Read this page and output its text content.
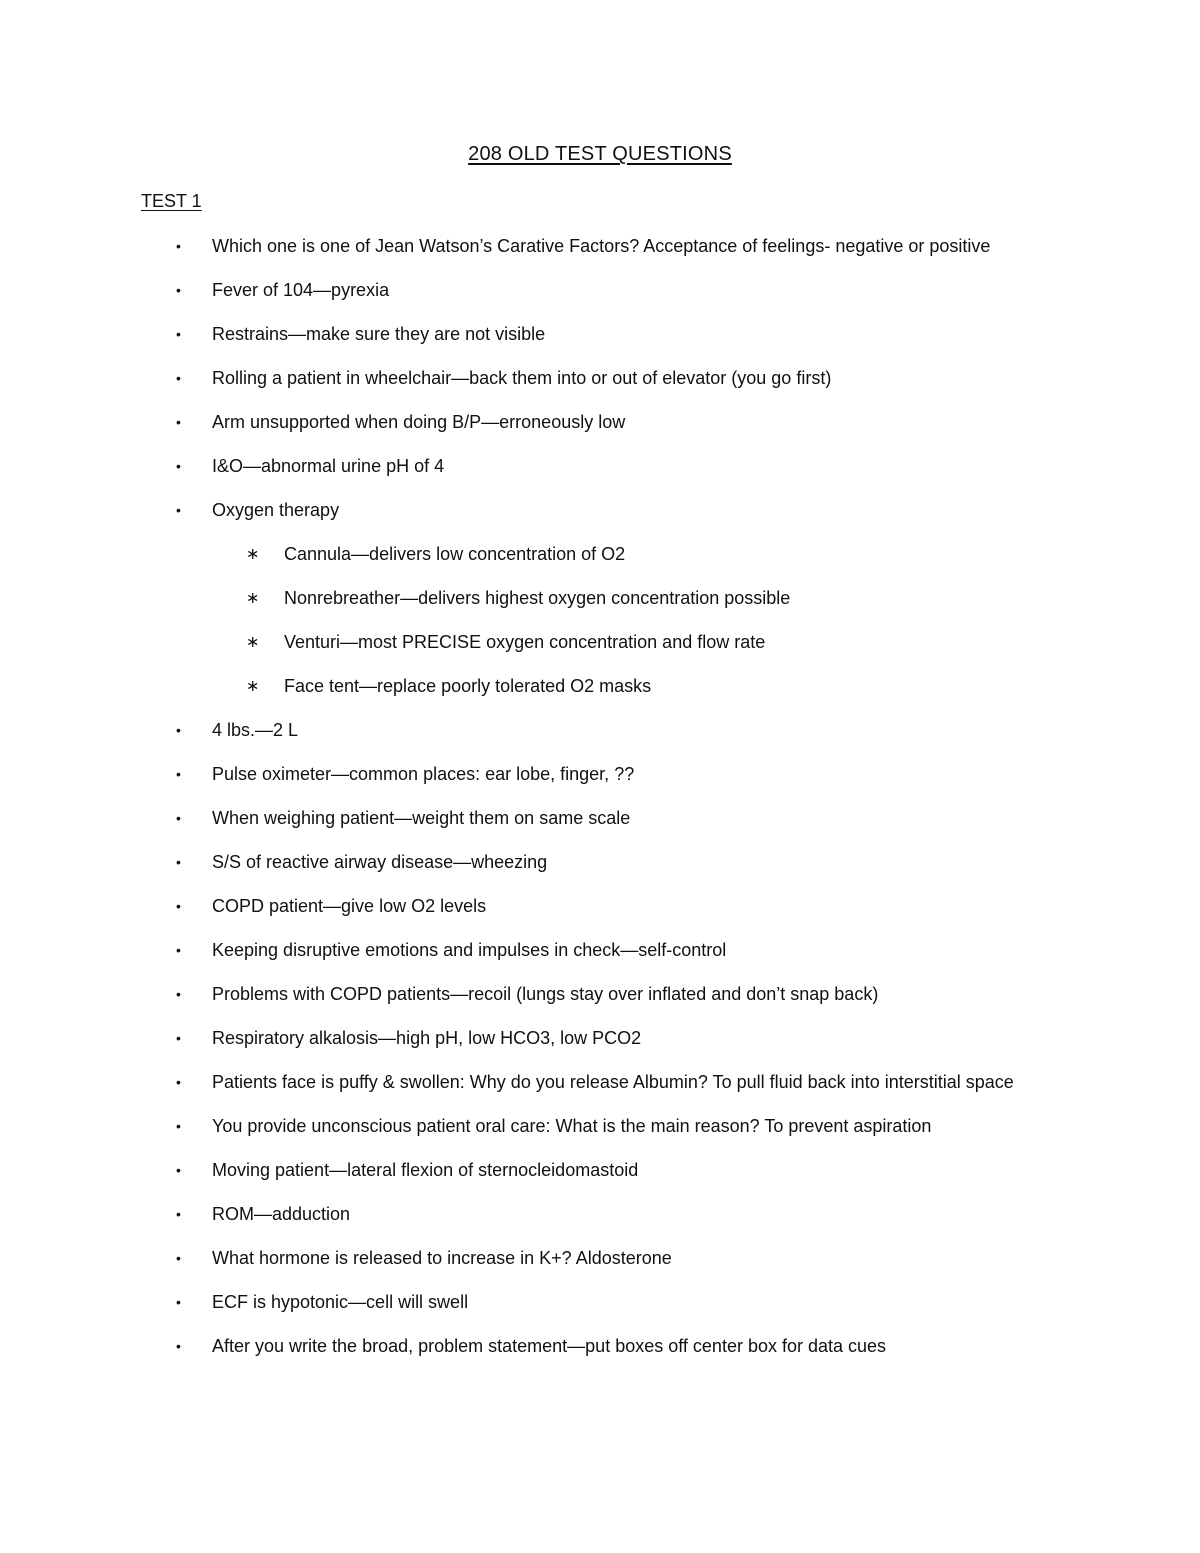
208 OLD TEST QUESTIONS
TEST 1
• Which one is one of Jean Watson’s Carative Factors? Acceptance of feelings- negative or positive
• Fever of 104—pyrexia
• Restrains—make sure they are not visible
• Rolling a patient in wheelchair—back them into or out of elevator (you go first)
• Arm unsupported when doing B/P—erroneously low
• I&O—abnormal urine pH of 4
• Oxygen therapy
∗ Cannula—delivers low concentration of O2
∗ Nonrebreather—delivers highest oxygen concentration possible
∗ Venturi—most PRECISE oxygen concentration and flow rate
∗ Face tent—replace poorly tolerated O2 masks
• 4 lbs.—2 L
• Pulse oximeter—common places: ear lobe, finger, ??
• When weighing patient—weight them on same scale
• S/S of reactive airway disease—wheezing
• COPD patient—give low O2 levels
• Keeping disruptive emotions and impulses in check—self-control
• Problems with COPD patients—recoil (lungs stay over inflated and don’t snap back)
• Respiratory alkalosis—high pH, low HCO3, low PCO2
• Patients face is puffy & swollen: Why do you release Albumin? To pull fluid back into interstitial space
• You provide unconscious patient oral care: What is the main reason? To prevent aspiration
• Moving patient—lateral flexion of sternocleidomastoid
• ROM—adduction
• What hormone is released to increase in K+? Aldosterone
• ECF is hypotonic—cell will swell
• After you write the broad, problem statement—put boxes off center box for data cues
